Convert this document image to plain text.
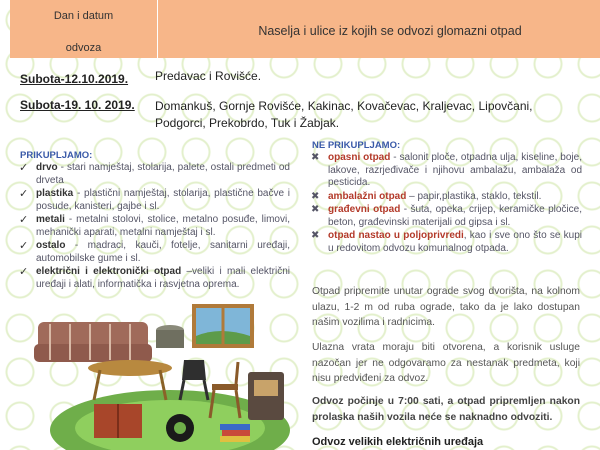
Dan i datum
odvoza
Naselja i ulice iz kojih se odvozi glomazni otpad
Subota-12.10.2019.	Predavac i Rovišće.
Subota-19. 10. 2019.	Domankuš, Gornje Rovišće, Kakinac, Kovačevac, Kraljevac, Lipovčani, Podgorci, Prekobrdo, Tuk i Žabjak.
PRIKUPLJAMO:
✓ drvo - stari namještaj, stolarija, palete, ostali predmeti od drveta
✓ plastika - plastični namještaj, stolarija, plastične bačve i posude, kanisteri, gajbe i sl.
✓ metali - metalni stolovi, stolice, metalno posuđe, limovi, mehanički aparati, metalni namještaj i sl.
✓ ostalo - madraci, kauči, fotelje, sanitarni uređaji, automobilske gume i sl.
✓ električni i elektronički otpad –veliki i mali električni uređaji i alati, informatička i rasvjetna oprema.
NE PRIKUPLJAMO:
✖ opasni otpad - salonit ploče, otpadna ulja, kiseline, boje, lakove, razrjeđivače i njihovu ambalažu, ambalaža od pesticida.
✖ ambalažni otpad – papir,plastika, staklo, tekstil.
✖ građevni otpad - šuta, opeka, crijep, keramičke pločice, beton, građevinski materijali od gipsa i sl.
✖ otpad nastao u poljoprivredi, kao i sve ono što se kupi u redovitom odvozu komunalnog otpada.
Otpad pripremite unutar ograde svog dvorišta, na kolnom ulazu, 1-2 m od ruba ograde, tako da je lako dostupan našim vozilima i radnicima.
Ulazna vrata moraju biti otvorena, a korisnik usluge nazočan jer ne odgovaramo za nestanak predmeta, koji nisu predviđeni za odvoz.
Odvoz počinje u 7:00 sati, a otpad pripremljen nakon prolaska naših vozila neće se naknadno odvoziti.
Odvoz velikih električnih uređaja
